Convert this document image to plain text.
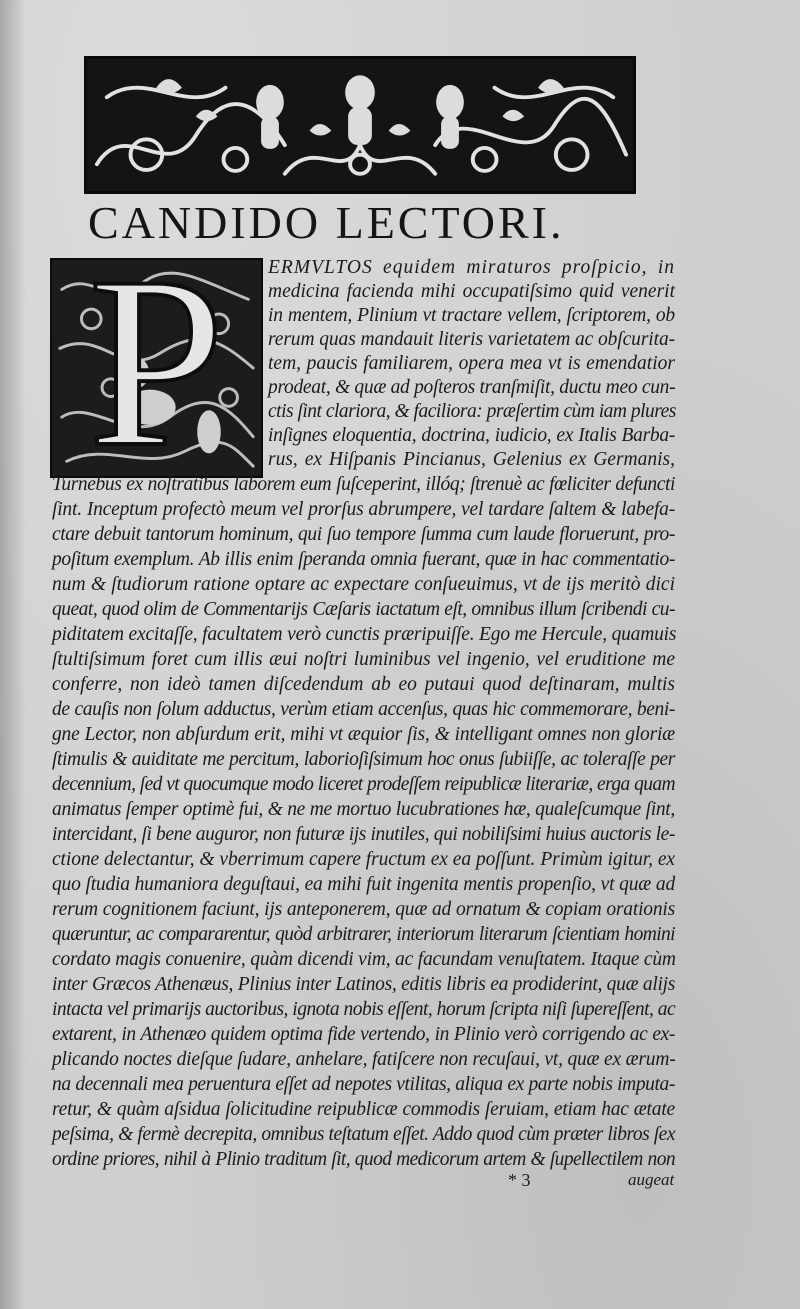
CANDIDO LECTORI.
P	ERMVLTOS equidem miraturos proſpicio, in
medicina facienda mihi occupatiſsimo quid venerit
in mentem, Plinium vt tractare vellem, ſcriptorem, ob
rerum quas mandauit literis varietatem ac obſcurita-
tem, paucis familiarem, opera mea vt is emendatior
prodeat, & quæ ad poſteros tranſmiſit, ductu meo cun-
ctis ſint clariora, & faciliora: præſertim cùm iam plures
inſignes eloquentia, doctrina, iudicio, ex Italis Barba-
rus, ex Hiſpanis Pincianus, Gelenius ex Germanis,
Turnebus ex noſtratibus laborem eum ſuſceperint, illóq; ſtrenuè ac fœliciter defuncti
ſint. Inceptum profectò meum vel prorſus abrumpere, vel tardare ſaltem & labefa-
ctare debuit tantorum hominum, qui ſuo tempore ſumma cum laude floruerunt, pro-
poſitum exemplum. Ab illis enim ſperanda omnia fuerant, quæ in hac commentatio-
num & ſtudiorum ratione optare ac expectare conſueuimus, vt de ijs meritò dici
queat, quod olim de Commentarijs Cæſaris iactatum eſt, omnibus illum ſcribendi cu-
piditatem excitaſſe, facultatem verò cunctis præripuiſſe. Ego me Hercule, quamuis
ſtultiſsimum foret cum illis æui noſtri luminibus vel ingenio, vel eruditione me
conferre, non ideò tamen diſcedendum ab eo putaui quod deſtinaram, multis
de cauſis non ſolum adductus, verùm etiam accenſus, quas hic commemorare, beni-
gne Lector, non abſurdum erit, mihi vt æquior ſis, & intelligant omnes non gloriæ
ſtimulis & auiditate me percitum, laborioſiſsimum hoc onus ſubiiſſe, ac toleraſſe per
decennium, ſed vt quocumque modo liceret prodeſſem reipublicæ literariæ, erga quam
animatus ſemper optimè fui, & ne me mortuo lucubrationes hæ, qualeſcumque ſint,
intercidant, ſi bene auguror, non futuræ ijs inutiles, qui nobiliſsimi huius auctoris le-
ctione delectantur, & vberrimum capere fructum ex ea poſſunt. Primùm igitur, ex
quo ſtudia humaniora deguſtaui, ea mihi fuit ingenita mentis propenſio, vt quæ ad
rerum cognitionem faciunt, ijs anteponerem, quæ ad ornatum & copiam orationis
quæruntur, ac compararentur, quòd arbitrarer, interiorum literarum ſcientiam homini
cordato magis conuenire, quàm dicendi vim, ac facundam venuſtatem. Itaque cùm
inter Græcos Athenæus, Plinius inter Latinos, editis libris ea prodiderint, quæ alijs
intacta vel primarijs auctoribus, ignota nobis eſſent, horum ſcripta niſi ſupereſſent, ac
extarent, in Athenæo quidem optima fide vertendo, in Plinio verò corrigendo ac ex-
plicando noctes dieſque ſudare, anhelare, fatiſcere non recuſaui, vt, quæ ex ærum-
na decennali mea peruentura eſſet ad nepotes vtilitas, aliqua ex parte nobis imputa-
retur, & quàm aſsidua ſolicitudine reipublicæ commodis ſeruiam, etiam hac ætate
peſsima, & fermè decrepita, omnibus teſtatum eſſet. Addo quod cùm præter libros ſex
ordine priores, nihil à Plinio traditum ſit, quod medicorum artem & ſupellectilem non
* 3	augeat
